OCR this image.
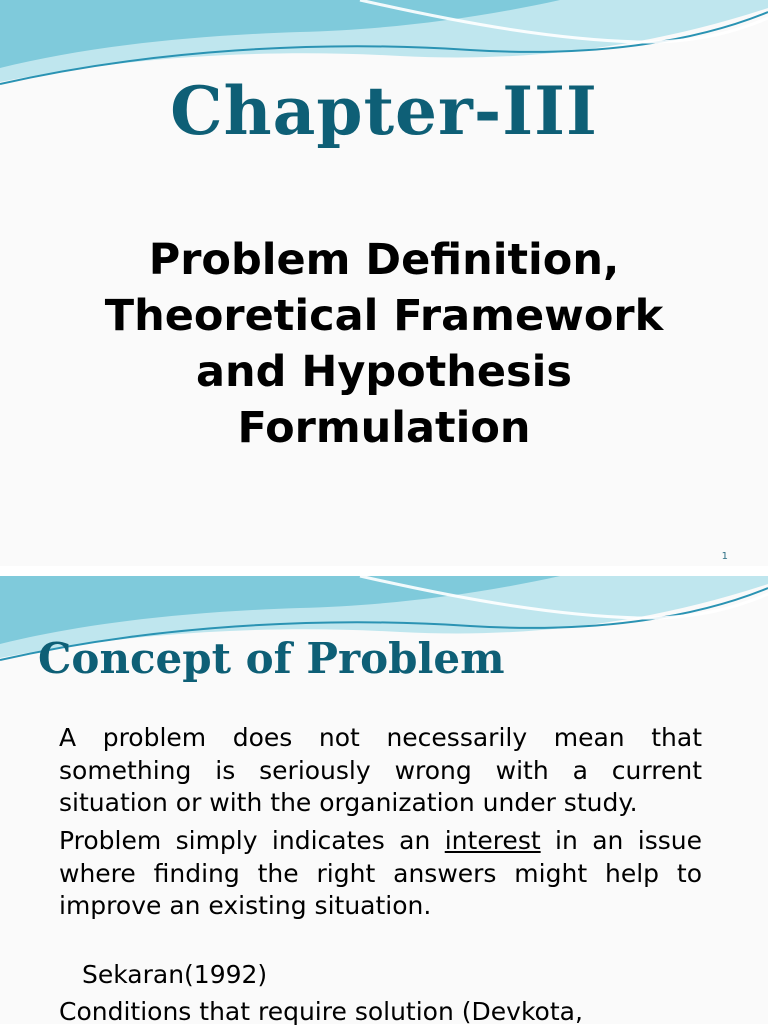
Chapter-III
Problem Definition,
Theoretical Framework
and Hypothesis
Formulation
1
Concept of Problem

A problem does not necessarily mean that something is seriously wrong with a current situation or with the organization under study.

Problem simply indicates an interest in an issue where finding the right answers might help to improve an existing situation.

Sekaran(1992)

Conditions that require solution (Devkota,
